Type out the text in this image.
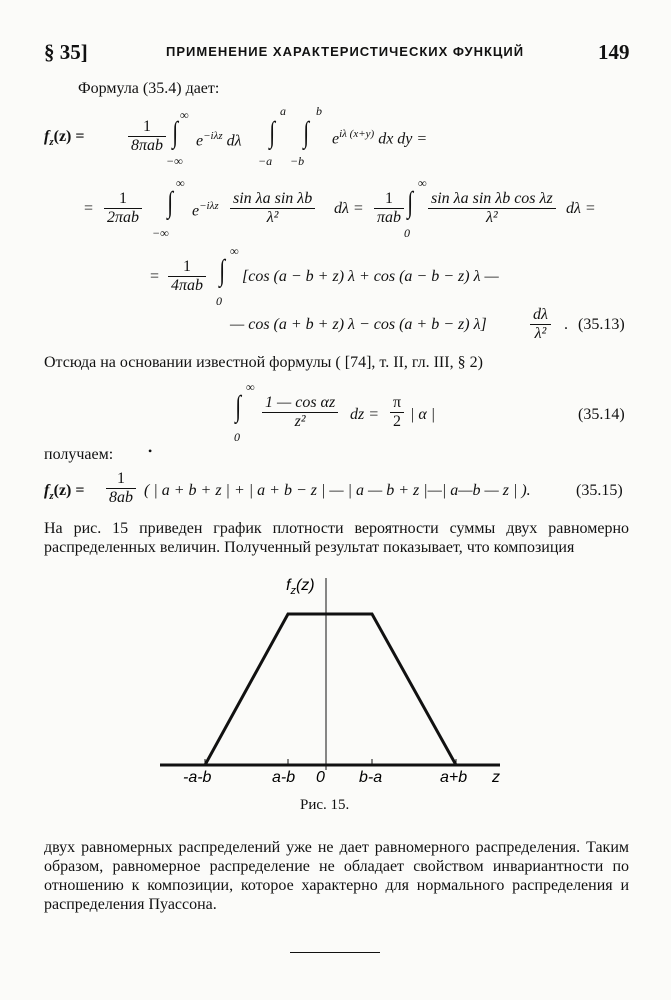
§ 35]	ПРИМЕНЕНИЕ ХАРАКТЕРИСТИЧЕСКИХ ФУНКЦИЙ	149
Формула (35.4) дает:
$f_z(z)$ =
1
8πab
∞
∫
−∞
$e^{-i\lambda z}$ dλ
a
∫
−a
b
∫
−b
$e^{i\lambda (x+y)}$ dx dy =
=
1
2πab
∞
∫
−∞
$e^{-i\lambda z} \frac{\text{sin λa sin λb}}{\text{λ²}}$ dλ =
1
πab
∞
∫
0
$\frac{\text{sin λa sin λb cos λz}}{\text{λ²}}$ dλ =
=
1
4πab
∞
∫
0
[cos (a − b + z) λ + cos (a − b − z) λ —
— cos (a + b + z) λ − cos (a + b − z) λ]	$\frac{d\lambda}{\text{λ²}}$ . (35.13)
Отсюда на основании известной формулы ( [74], т. II, гл. III, § 2)
∞
∫
0
$\frac{\text{1 — cos αz}}{\text{z²}}$ dz = $\frac{\pi}{2}$ | α |	(35.14)
получаем:	•
$f_z(z) = \frac{1}{8ab}$ ( | a + b + z | + | a + b − z | — | a — b + z |—| a—b — z | ).	(35.15)
На рис. 15 приведен график плотности вероятности суммы двух равномерно распределенных величин. Полученный результат показывает, что композиция
$f_z(z)$
z
-a-b	a-b 0 b-a	a+b
Рис. 15.
двух равномерных распределений уже не дает равномерного распределения. Таким образом, равномерное распределение не обладает свойством инвариантности по отношению к композиции, которое характерно для нормального распределения и распределения Пуассона.
